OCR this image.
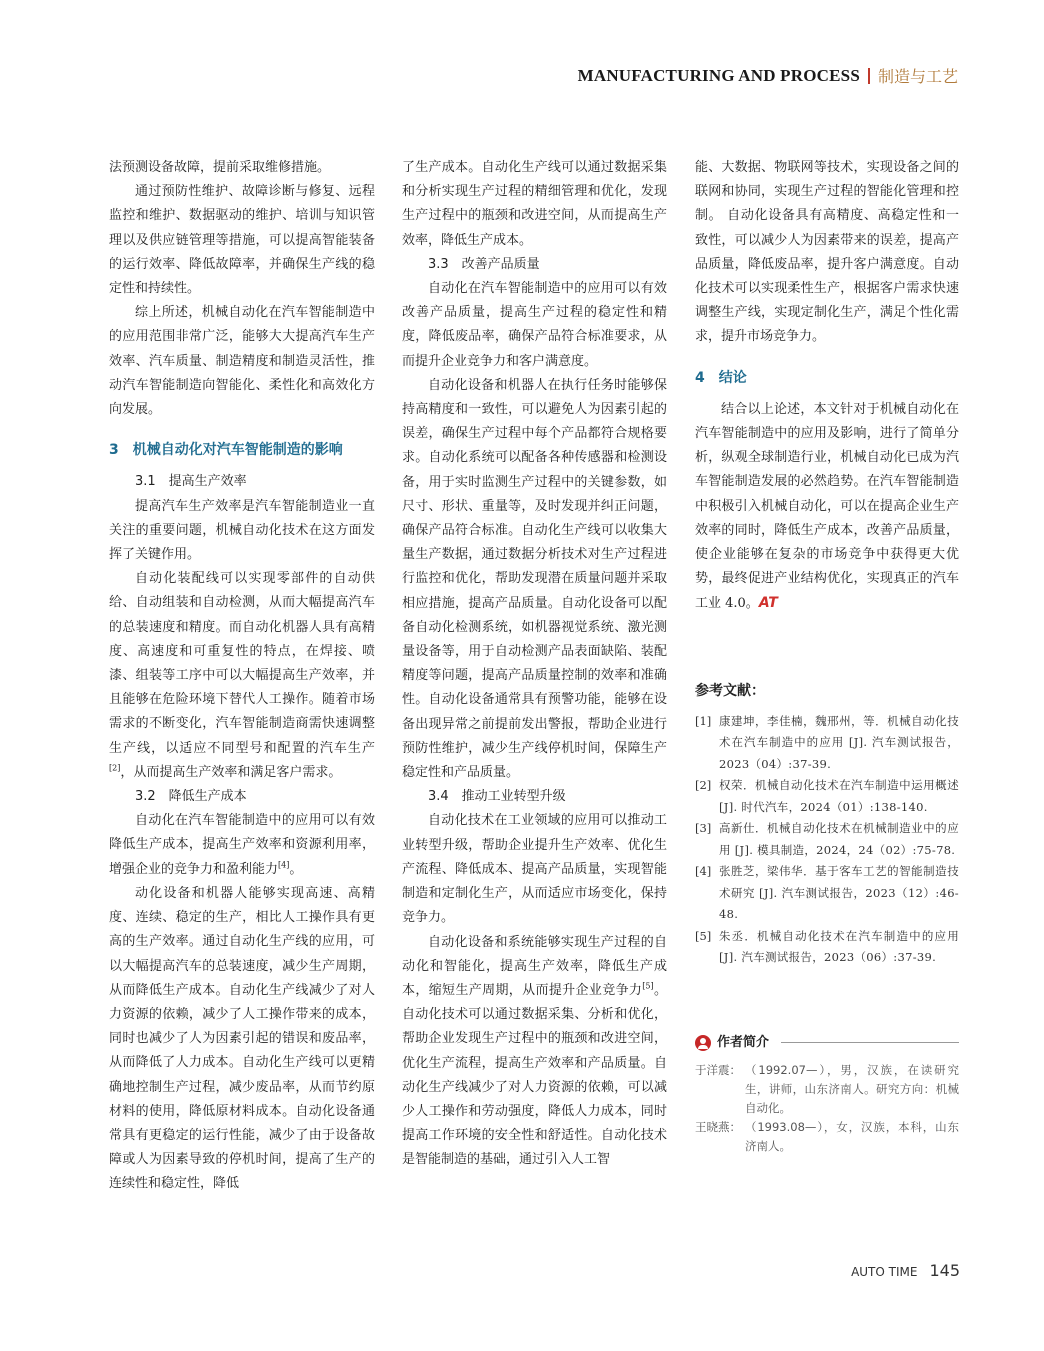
MANUFACTURING AND PROCESS 制造与工艺

法预测设备故障，提前采取维修措施。

通过预防性维护、故障诊断与修复、远程监控和维护、数据驱动的维护、培训与知识管理以及供应链管理等措施，可以提高智能装备的运行效率、降低故障率，并确保生产线的稳定性和持续性。

综上所述，机械自动化在汽车智能制造中的应用范围非常广泛，能够大大提高汽车生产效率、汽车质量、制造精度和制造灵活性，推动汽车智能制造向智能化、柔性化和高效化方向发展。

3　机械自动化对汽车智能制造的影响
3.1　提高生产效率

提高汽车生产效率是汽车智能制造业一直关注的重要问题，机械自动化技术在这方面发挥了关键作用。

自动化装配线可以实现零部件的自动供给、自动组装和自动检测，从而大幅提高汽车的总装速度和精度。而自动化机器人具有高精度、高速度和可重复性的特点，在焊接、喷漆、组装等工序中可以大幅提高生产效率，并且能够在危险环境下替代人工操作。随着市场需求的不断变化，汽车智能制造商需快速调整生产线，以适应不同型号和配置的汽车生产[2]，从而提高生产效率和满足客户需求。

3.2　降低生产成本

自动化在汽车智能制造中的应用可以有效降低生产成本，提高生产效率和资源利用率，增强企业的竞争力和盈利能力[4]。

动化设备和机器人能够实现高速、高精度、连续、稳定的生产，相比人工操作具有更高的生产效率。通过自动化生产线的应用，可以大幅提高汽车的总装速度，减少生产周期，从而降低生产成本。自动化生产线减少了对人力资源的依赖，减少了人工操作带来的成本，同时也减少了人为因素引起的错误和废品率，从而降低了人力成本。自动化生产线可以更精确地控制生产过程，减少废品率，从而节约原材料的使用，降低原材料成本。自动化设备通常具有更稳定的运行性能，减少了由于设备故障或人为因素导致的停机时间，提高了生产的连续性和稳定性，降低

了生产成本。自动化生产线可以通过数据采集和分析实现生产过程的精细管理和优化，发现生产过程中的瓶颈和改进空间，从而提高生产效率，降低生产成本。

3.3　改善产品质量

自动化在汽车智能制造中的应用可以有效改善产品质量，提高生产过程的稳定性和精度，降低废品率，确保产品符合标准要求，从而提升企业竞争力和客户满意度。

自动化设备和机器人在执行任务时能够保持高精度和一致性，可以避免人为因素引起的误差，确保生产过程中每个产品都符合规格要求。自动化系统可以配备各种传感器和检测设备，用于实时监测生产过程中的关键参数，如尺寸、形状、重量等，及时发现并纠正问题，确保产品符合标准。自动化生产线可以收集大量生产数据，通过数据分析技术对生产过程进行监控和优化，帮助发现潜在质量问题并采取相应措施，提高产品质量。自动化设备可以配备自动化检测系统，如机器视觉系统、激光测量设备等，用于自动检测产品表面缺陷、装配精度等问题，提高产品质量控制的效率和准确性。自动化设备通常具有预警功能，能够在设备出现异常之前提前发出警报，帮助企业进行预防性维护，减少生产线停机时间，保障生产稳定性和产品质量。

3.4　推动工业转型升级

自动化技术在工业领域的应用可以推动工业转型升级，帮助企业提升生产效率、优化生产流程、降低成本、提高产品质量，实现智能制造和定制化生产，从而适应市场变化，保持竞争力。

自动化设备和系统能够实现生产过程的自动化和智能化，提高生产效率，降低生产成本，缩短生产周期，从而提升企业竞争力[5]。自动化技术可以通过数据采集、分析和优化，帮助企业发现生产过程中的瓶颈和改进空间，优化生产流程，提高生产效率和产品质量。自动化生产线减少了对人力资源的依赖，可以减少人工操作和劳动强度，降低人力成本，同时提高工作环境的安全性和舒适性。自动化技术是智能制造的基础，通过引入人工智

能、大数据、物联网等技术，实现设备之间的联网和协同，实现生产过程的智能化管理和控制。 自动化设备具有高精度、高稳定性和一致性，可以减少人为因素带来的误差，提高产品质量，降低废品率，提升客户满意度。自动化技术可以实现柔性生产，根据客户需求快速调整生产线，实现定制化生产，满足个性化需求，提升市场竞争力。

4　结论

结合以上论述，本文针对于机械自动化在汽车智能制造中的应用及影响，进行了简单分析，纵观全球制造行业，机械自动化已成为汽车智能制造发展的必然趋势。在汽车智能制造中积极引入机械自动化，可以在提高企业生产效率的同时，降低生产成本，改善产品质量，使企业能够在复杂的市场竞争中获得更大优势，最终促进产业结构优化，实现真正的汽车工业 4.0。AT

参考文献：
[1] 康建坤，李佳楠，魏邢州，等．机械自动化技术在汽车制造中的应用 [J]. 汽车测试报告，2023（04）:37-39.
[2] 权荣．机械自动化技术在汽车制造中运用概述 [J]. 时代汽车，2024（01）:138-140.
[3] 高新仕．机械自动化技术在机械制造业中的应用 [J]. 模具制造，2024，24（02）:75-78.
[4] 张胜芝，梁伟华．基于客车工艺的智能制造技术研究 [J]. 汽车测试报告，2023（12）:46-48.
[5] 朱丞．机械自动化技术在汽车制造中的应用 [J]. 汽车测试报告，2023（06）:37-39.
作者简介
于洋震： （1992.07—），男，汉族，在读研究生，讲师，山东济南人。研究方向：机械自动化。
王晓燕： （1993.08—），女，汉族，本科，山东济南人。
AUTO TIME 145
